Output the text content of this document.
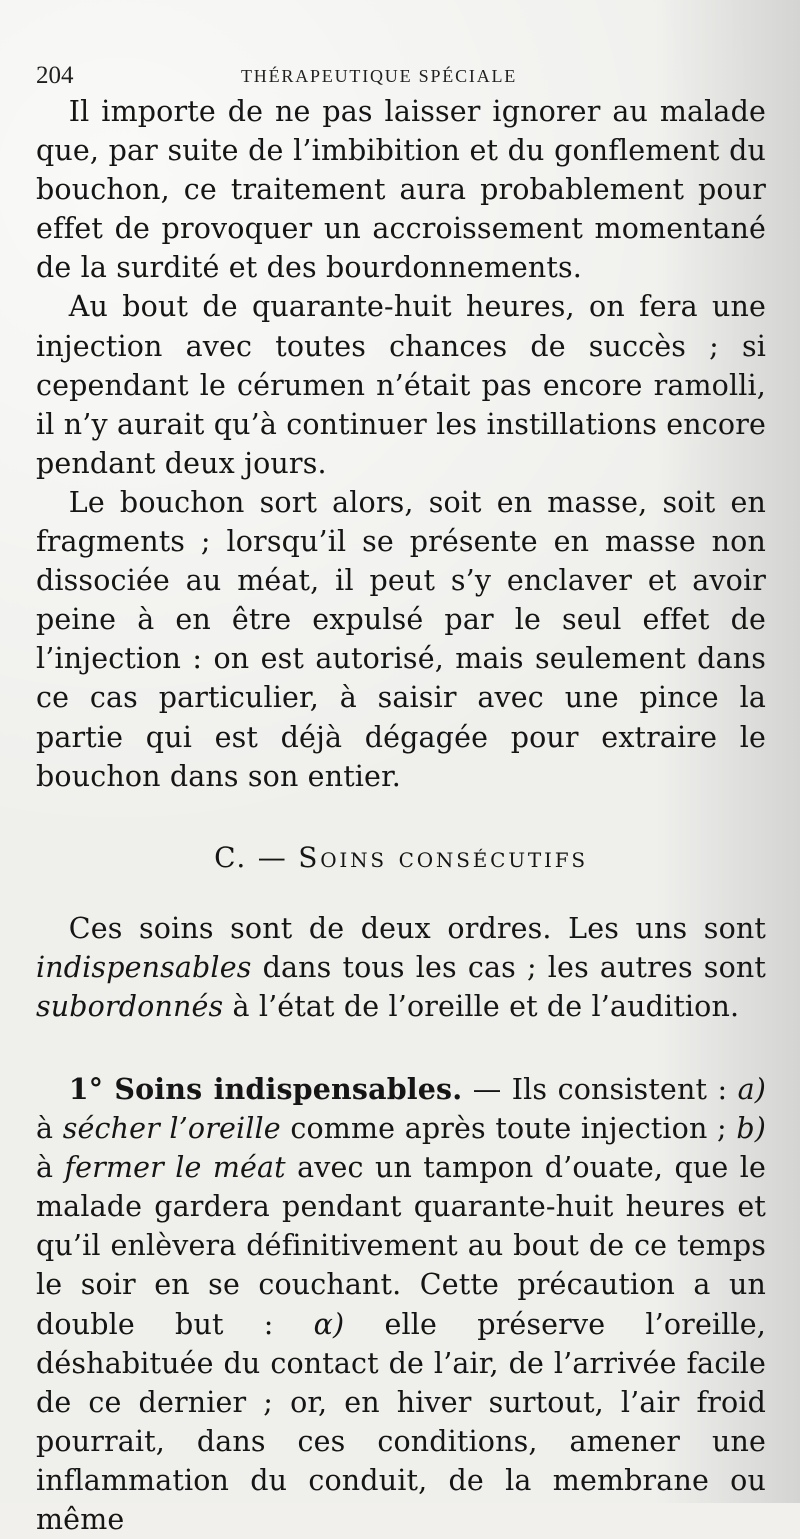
204	THÉRAPEUTIQUE SPÉCIALE

Il importe de ne pas laisser ignorer au malade que, par suite de l’imbibition et du gonflement du bouchon, ce traitement aura probablement pour effet de provoquer un accroissement momentané de la surdité et des bourdonnements.

Au bout de quarante-huit heures, on fera une injection avec toutes chances de succès ; si cependant le cérumen n’était pas encore ramolli, il n’y aurait qu’à continuer les instillations encore pendant deux jours.

Le bouchon sort alors, soit en masse, soit en fragments ; lorsqu’il se présente en masse non dissociée au méat, il peut s’y enclaver et avoir peine à en être expulsé par le seul effet de l’injection : on est autorisé, mais seulement dans ce cas particulier, à saisir avec une pince la partie qui est déjà dégagée pour extraire le bouchon dans son entier.

C. — Soins consécutifs

Ces soins sont de deux ordres. Les uns sont indispensables dans tous les cas ; les autres sont subordonnés à l’état de l’oreille et de l’audition.

1° Soins indispensables. — Ils consistent : a) à sécher l’oreille comme après toute injection ; b) à fermer le méat avec un tampon d’ouate, que le malade gardera pendant quarante-huit heures et qu’il enlèvera définitivement au bout de ce temps le soir en se couchant. Cette précaution a un double but : α) elle préserve l’oreille, déshabituée du contact de l’air, de l’arrivée facile de ce dernier ; or, en hiver surtout, l’air froid pourrait, dans ces conditions, amener une inflammation du conduit, de la membrane ou même
